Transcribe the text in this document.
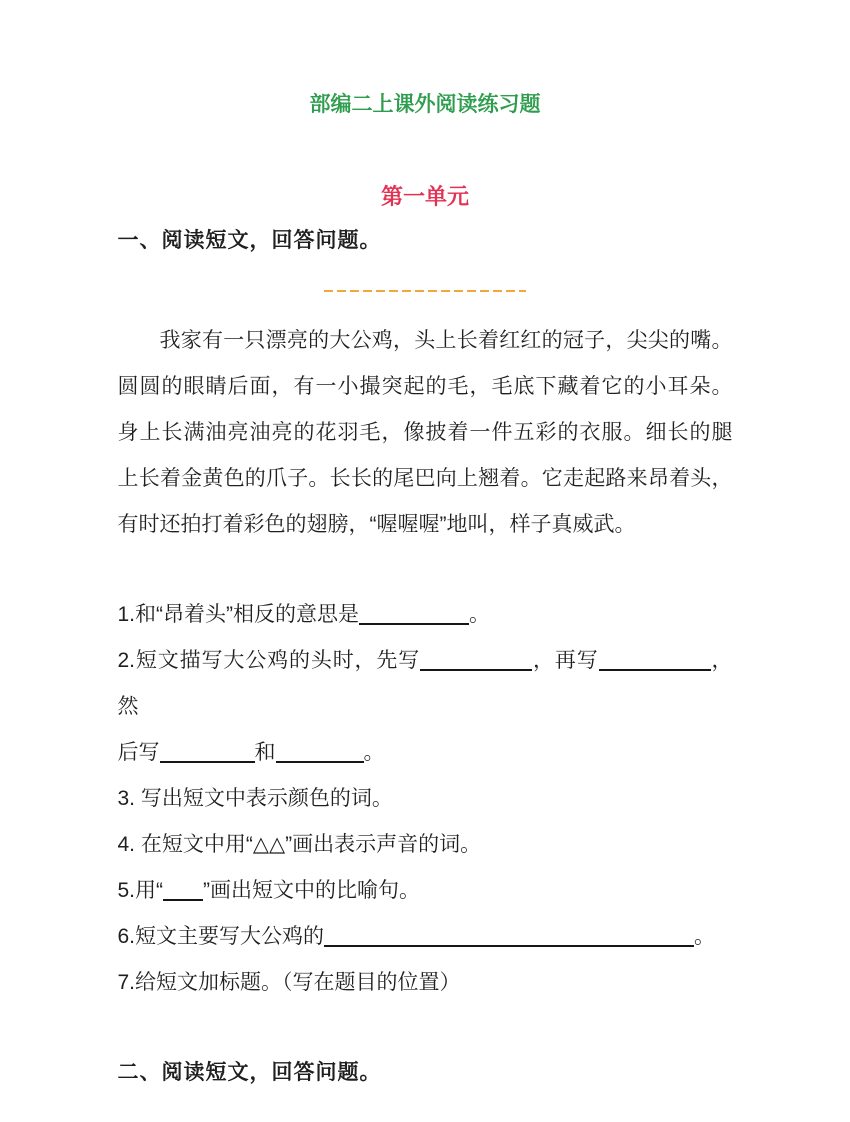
部编二上课外阅读练习题
第一单元
一、阅读短文，回答问题。
我家有一只漂亮的大公鸡，头上长着红红的冠子，尖尖的嘴。
圆圆的眼睛后面，有一小撮突起的毛，毛底下藏着它的小耳朵。
身上长满油亮油亮的花羽毛，像披着一件五彩的衣服。细长的腿
上长着金黄色的爪子。长长的尾巴向上翘着。它走起路来昂着头，
有时还拍打着彩色的翅膀，“喔喔喔”地叫，样子真威武。
1.和“昂着头”相反的意思是	。
2.短文描写大公鸡的头时，先写	，再写	，然
后写	和	。
3. 写出短文中表示颜色的词。
4. 在短文中用“△△”画出表示声音的词。
5.用“ ”画出短文中的比喻句。
6.短文主要写大公鸡的	。
7.给短文加标题。（写在题目的位置）
二、阅读短文，回答问题。
